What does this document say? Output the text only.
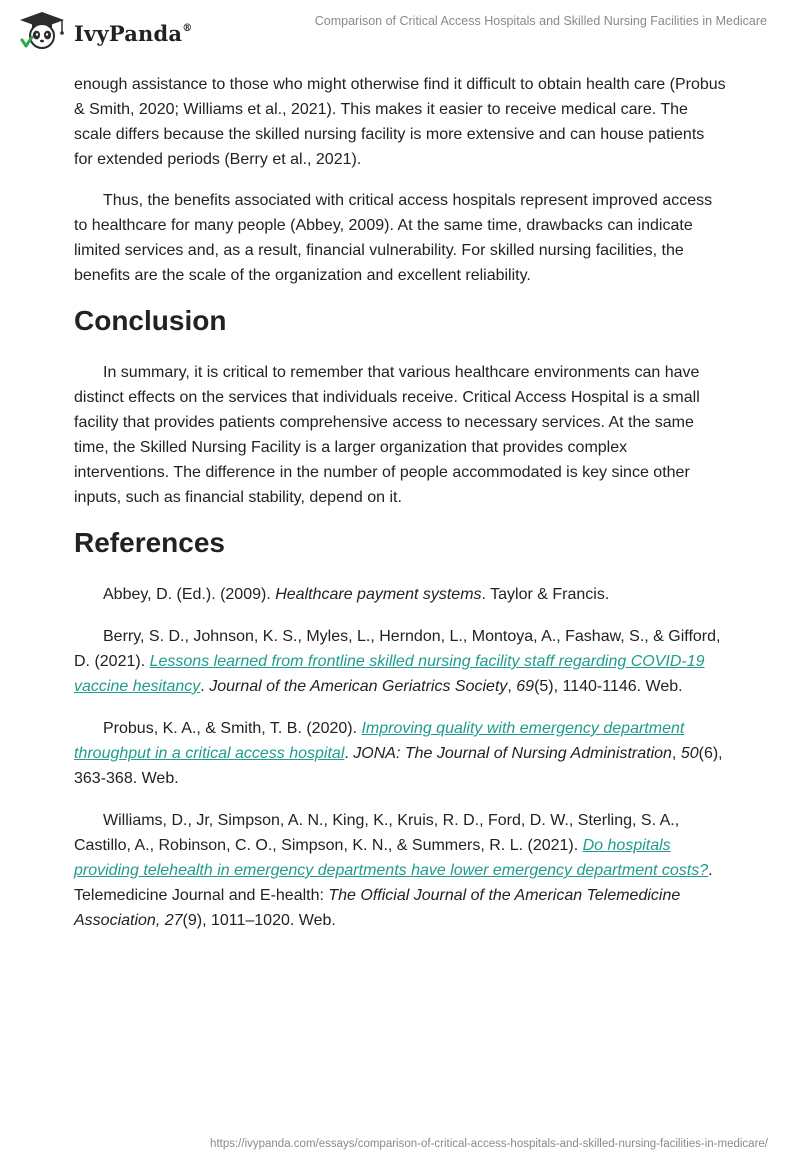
IvyPanda®	Comparison of Critical Access Hospitals and Skilled Nursing Facilities in Medicare

enough assistance to those who might otherwise find it difficult to obtain health care (Probus & Smith, 2020; Williams et al., 2021). This makes it easier to receive medical care. The scale differs because the skilled nursing facility is more extensive and can house patients for extended periods (Berry et al., 2021).

Thus, the benefits associated with critical access hospitals represent improved access to healthcare for many people (Abbey, 2009). At the same time, drawbacks can indicate limited services and, as a result, financial vulnerability. For skilled nursing facilities, the benefits are the scale of the organization and excellent reliability.

Conclusion

In summary, it is critical to remember that various healthcare environments can have distinct effects on the services that individuals receive. Critical Access Hospital is a small facility that provides patients comprehensive access to necessary services. At the same time, the Skilled Nursing Facility is a larger organization that provides complex interventions. The difference in the number of people accommodated is key since other inputs, such as financial stability, depend on it.

References

Abbey, D. (Ed.). (2009). Healthcare payment systems. Taylor & Francis.

Berry, S. D., Johnson, K. S., Myles, L., Herndon, L., Montoya, A., Fashaw, S., & Gifford, D. (2021). Lessons learned from frontline skilled nursing facility staff regarding COVID-19 vaccine hesitancy. Journal of the American Geriatrics Society, 69(5), 1140-1146. Web.

Probus, K. A., & Smith, T. B. (2020). Improving quality with emergency department throughput in a critical access hospital. JONA: The Journal of Nursing Administration, 50(6), 363-368. Web.

Williams, D., Jr, Simpson, A. N., King, K., Kruis, R. D., Ford, D. W., Sterling, S. A., Castillo, A., Robinson, C. O., Simpson, K. N., & Summers, R. L. (2021). Do hospitals providing telehealth in emergency departments have lower emergency department costs?. Telemedicine Journal and E-health: The Official Journal of the American Telemedicine Association, 27(9), 1011–1020. Web.

https://ivypanda.com/essays/comparison-of-critical-access-hospitals-and-skilled-nursing-facilities-in-medicare/
